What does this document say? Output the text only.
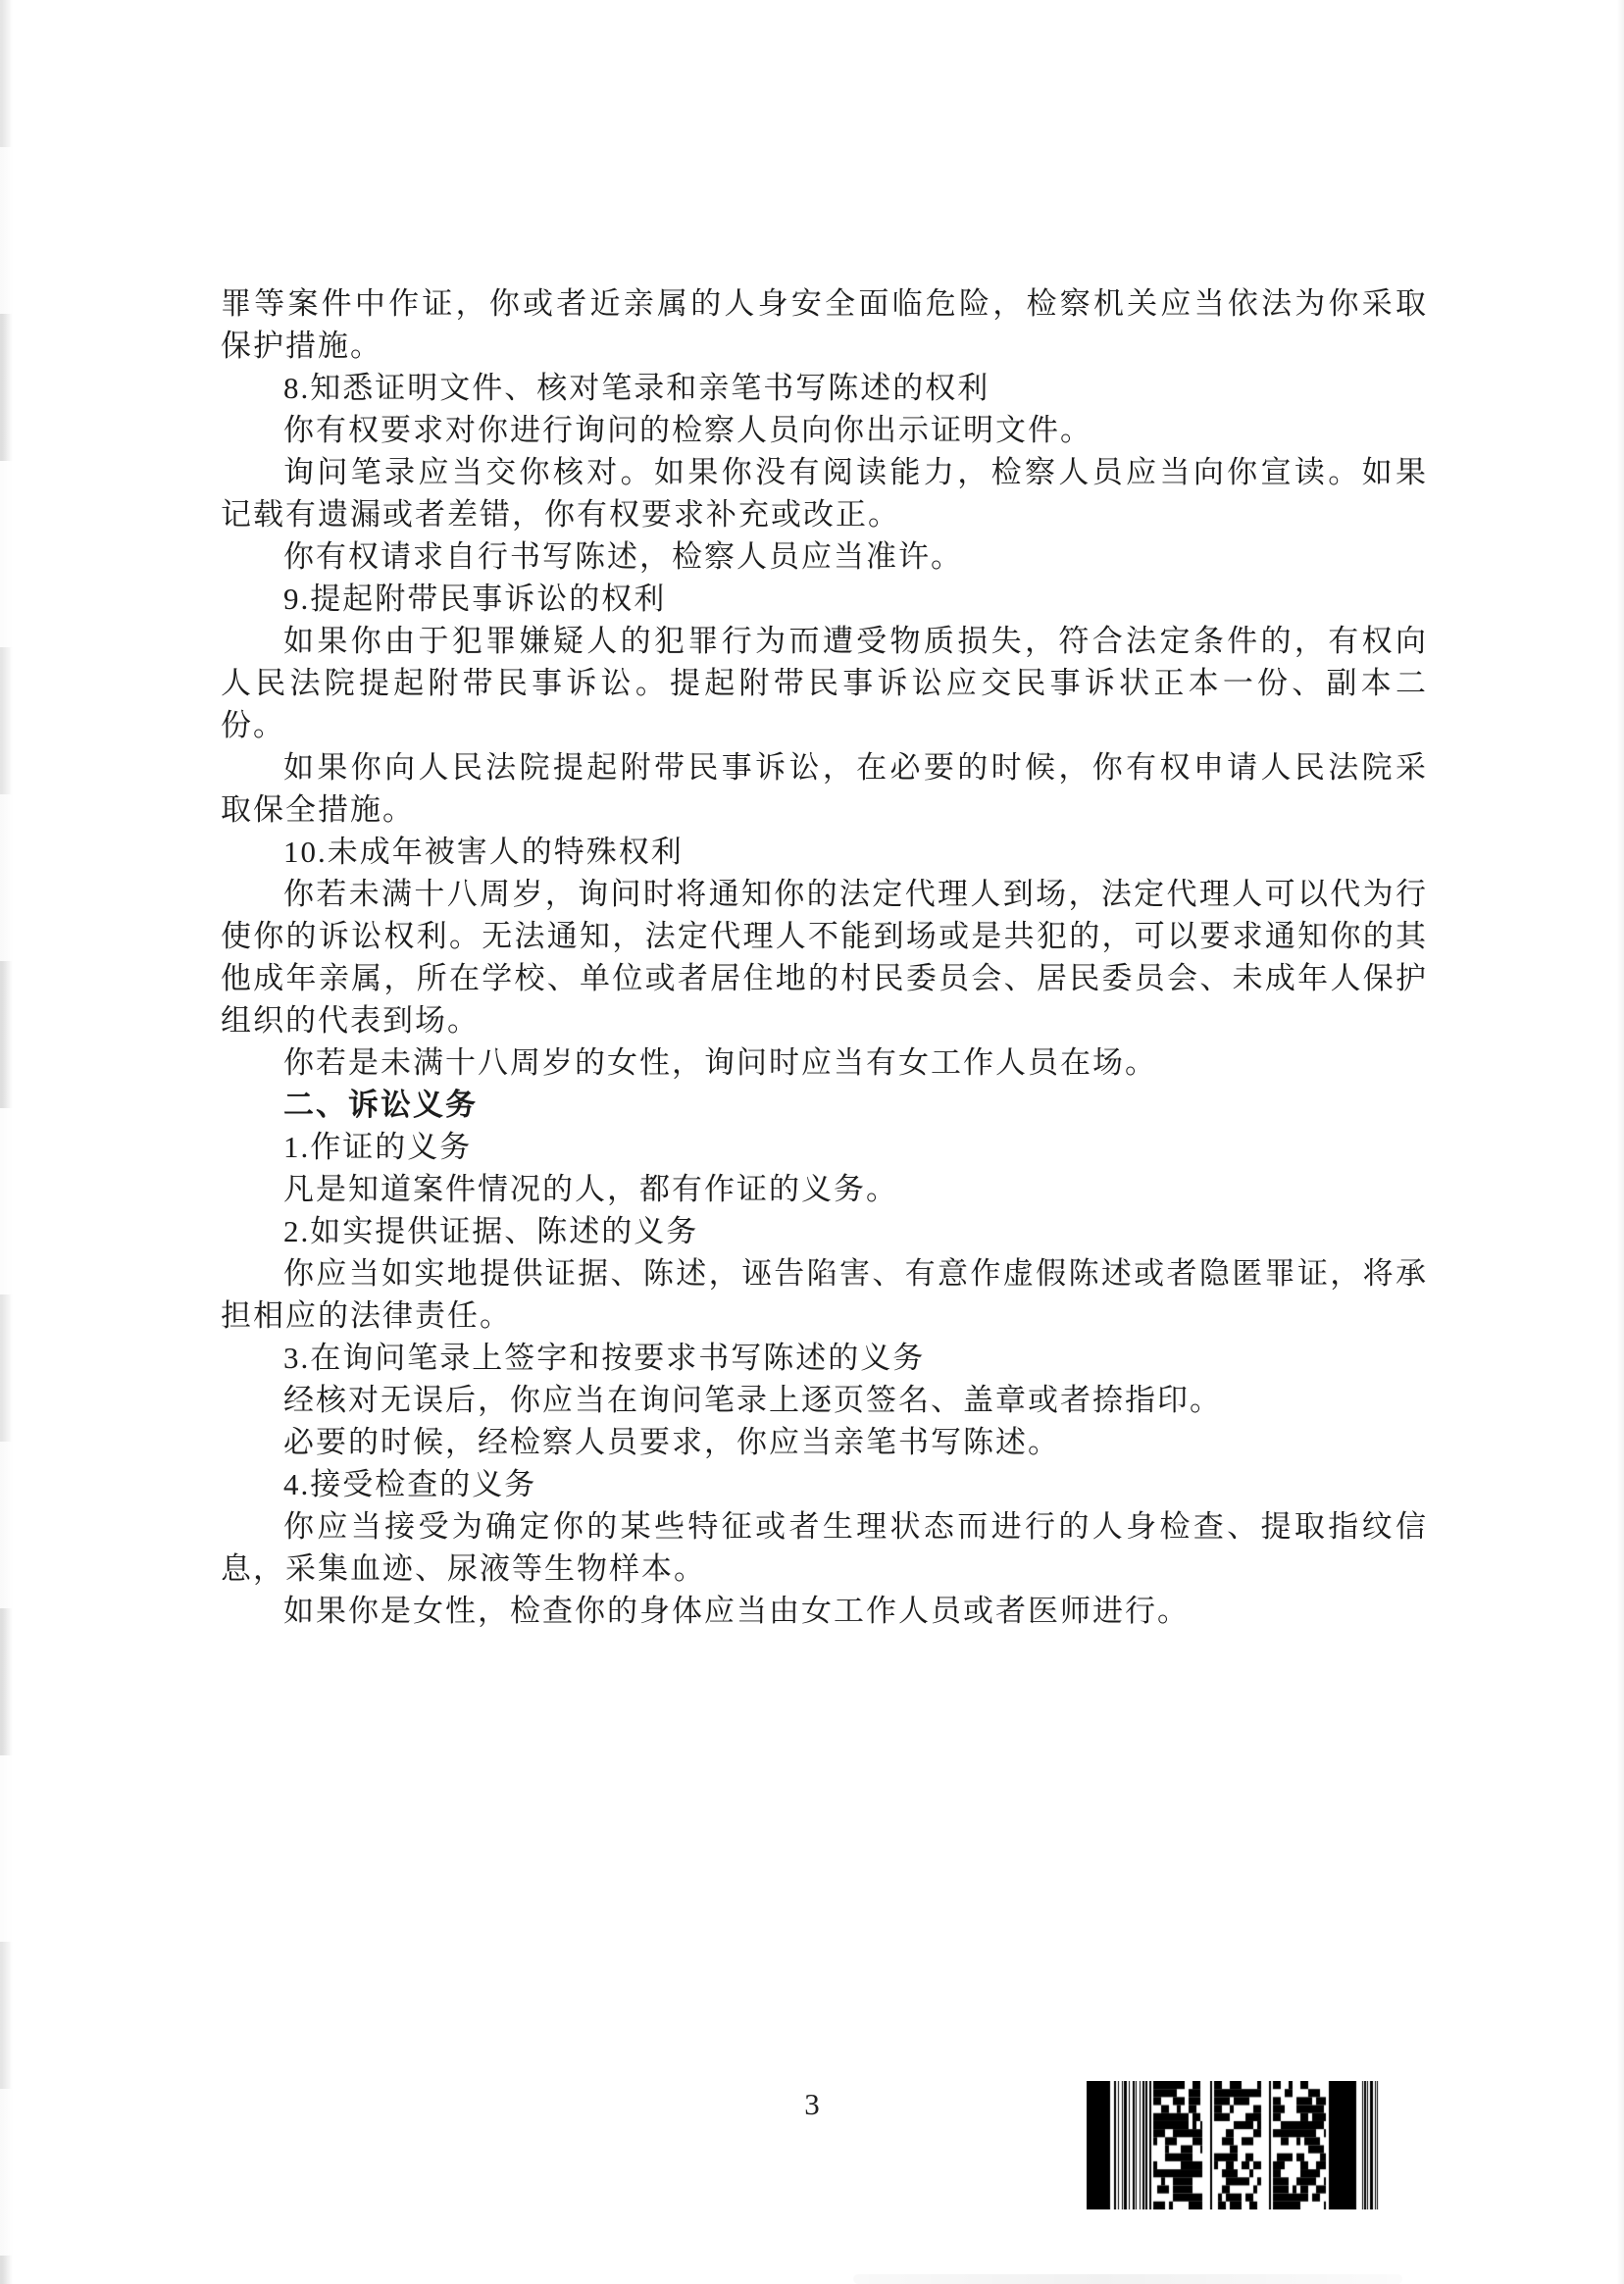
罪等案件中作证，你或者近亲属的人身安全面临危险，检察机关应当依法为你采取
保护措施。
8.知悉证明文件、核对笔录和亲笔书写陈述的权利
你有权要求对你进行询问的检察人员向你出示证明文件。
询问笔录应当交你核对。如果你没有阅读能力，检察人员应当向你宣读。如果
记载有遗漏或者差错，你有权要求补充或改正。
你有权请求自行书写陈述，检察人员应当准许。
9.提起附带民事诉讼的权利
如果你由于犯罪嫌疑人的犯罪行为而遭受物质损失，符合法定条件的，有权向
人民法院提起附带民事诉讼。提起附带民事诉讼应交民事诉状正本一份、副本二
份。
如果你向人民法院提起附带民事诉讼，在必要的时候，你有权申请人民法院采
取保全措施。
10.未成年被害人的特殊权利
你若未满十八周岁，询问时将通知你的法定代理人到场，法定代理人可以代为行
使你的诉讼权利。无法通知，法定代理人不能到场或是共犯的，可以要求通知你的其
他成年亲属，所在学校、单位或者居住地的村民委员会、居民委员会、未成年人保护
组织的代表到场。
你若是未满十八周岁的女性，询问时应当有女工作人员在场。
二、诉讼义务
1.作证的义务
凡是知道案件情况的人，都有作证的义务。
2.如实提供证据、陈述的义务
你应当如实地提供证据、陈述，诬告陷害、有意作虚假陈述或者隐匿罪证，将承
担相应的法律责任。
3.在询问笔录上签字和按要求书写陈述的义务
经核对无误后，你应当在询问笔录上逐页签名、盖章或者捺指印。
必要的时候，经检察人员要求，你应当亲笔书写陈述。
4.接受检查的义务
你应当接受为确定你的某些特征或者生理状态而进行的人身检查、提取指纹信
息，采集血迹、尿液等生物样本。
如果你是女性，检查你的身体应当由女工作人员或者医师进行。
3
